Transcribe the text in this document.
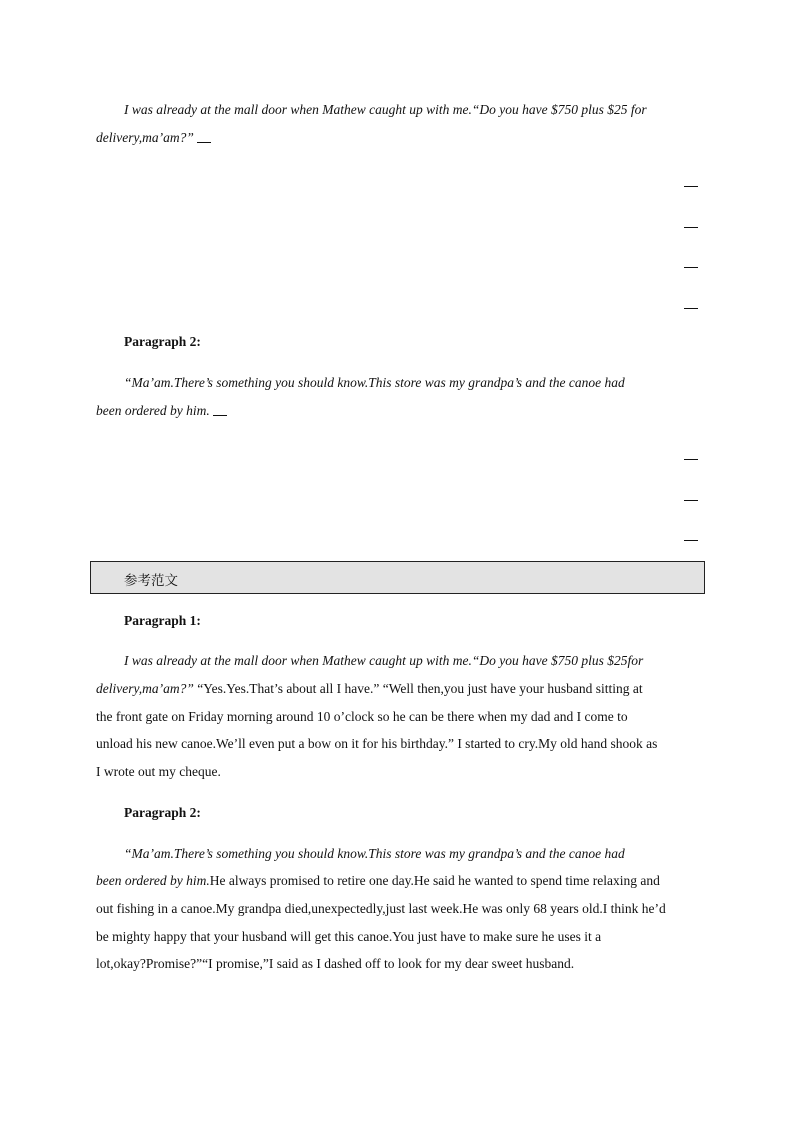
I was already at the mall door when Mathew caught up with me.“Do you have $750 plus $25 for
delivery,ma’am?”
Paragraph 2:
“Ma’am.There’s something you should know.This store was my grandpa’s and the canoe had
been ordered by him.
参考范文
Paragraph 1:
I was already at the mall door when Mathew caught up with me.“Do you have $750 plus $25for
delivery,ma’am?” “Yes.Yes.That’s about all I have.” “Well then,you just have your husband sitting at
the front gate on Friday morning around 10 o’clock so he can be there when my dad and I come to
unload his new canoe.We’ll even put a bow on it for his birthday.” I started to cry.My old hand shook as
I wrote out my cheque.
Paragraph 2:
“Ma’am.There’s something you should know.This store was my grandpa’s and the canoe had
been ordered by him.He always promised to retire one day.He said he wanted to spend time relaxing and
out fishing in a canoe.My grandpa died,unexpectedly,just last week.He was only 68 years old.I think he’d
be mighty happy that your husband will get this canoe.You just have to make sure he uses it a
lot,okay?Promise?”“I promise,”I said as I dashed off to look for my dear sweet husband.
